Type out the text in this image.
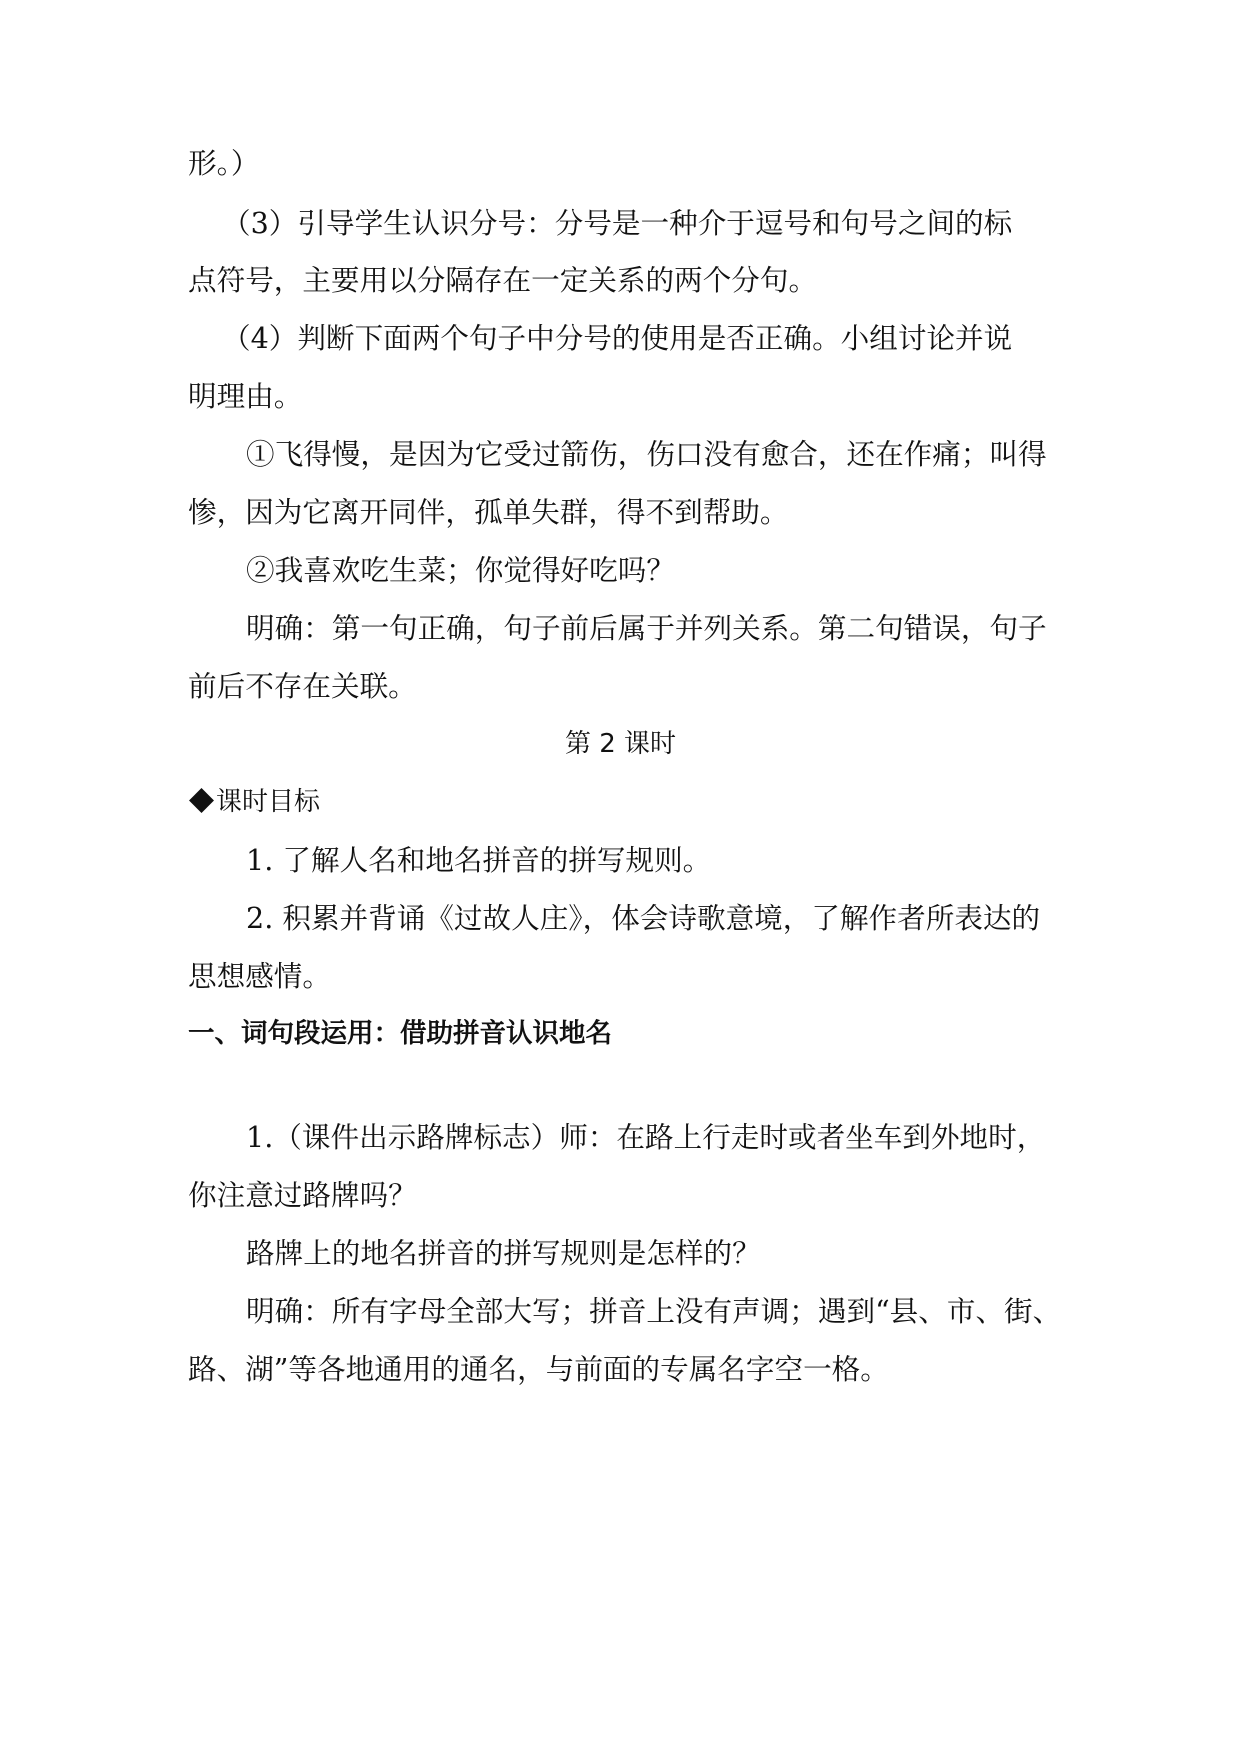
形。）
（3）引导学生认识分号：分号是一种介于逗号和句号之间的标
点符号，主要用以分隔存在一定关系的两个分句。
（4）判断下面两个句子中分号的使用是否正确。小组讨论并说
明理由。
①飞得慢，是因为它受过箭伤，伤口没有愈合，还在作痛；叫得
惨，因为它离开同伴，孤单失群，得不到帮助。
②我喜欢吃生菜；你觉得好吃吗？
明确：第一句正确，句子前后属于并列关系。第二句错误，句子
前后不存在关联。
第 2 课时
课时目标
1. 了解人名和地名拼音的拼写规则。
2. 积累并背诵《过故人庄》，体会诗歌意境，了解作者所表达的
思想感情。
一、词句段运用：借助拼音认识地名
1.（课件出示路牌标志）师：在路上行走时或者坐车到外地时，
你注意过路牌吗？
路牌上的地名拼音的拼写规则是怎样的？
明确：所有字母全部大写；拼音上没有声调；遇到“县、市、街、
路、湖”等各地通用的通名，与前面的专属名字空一格。
